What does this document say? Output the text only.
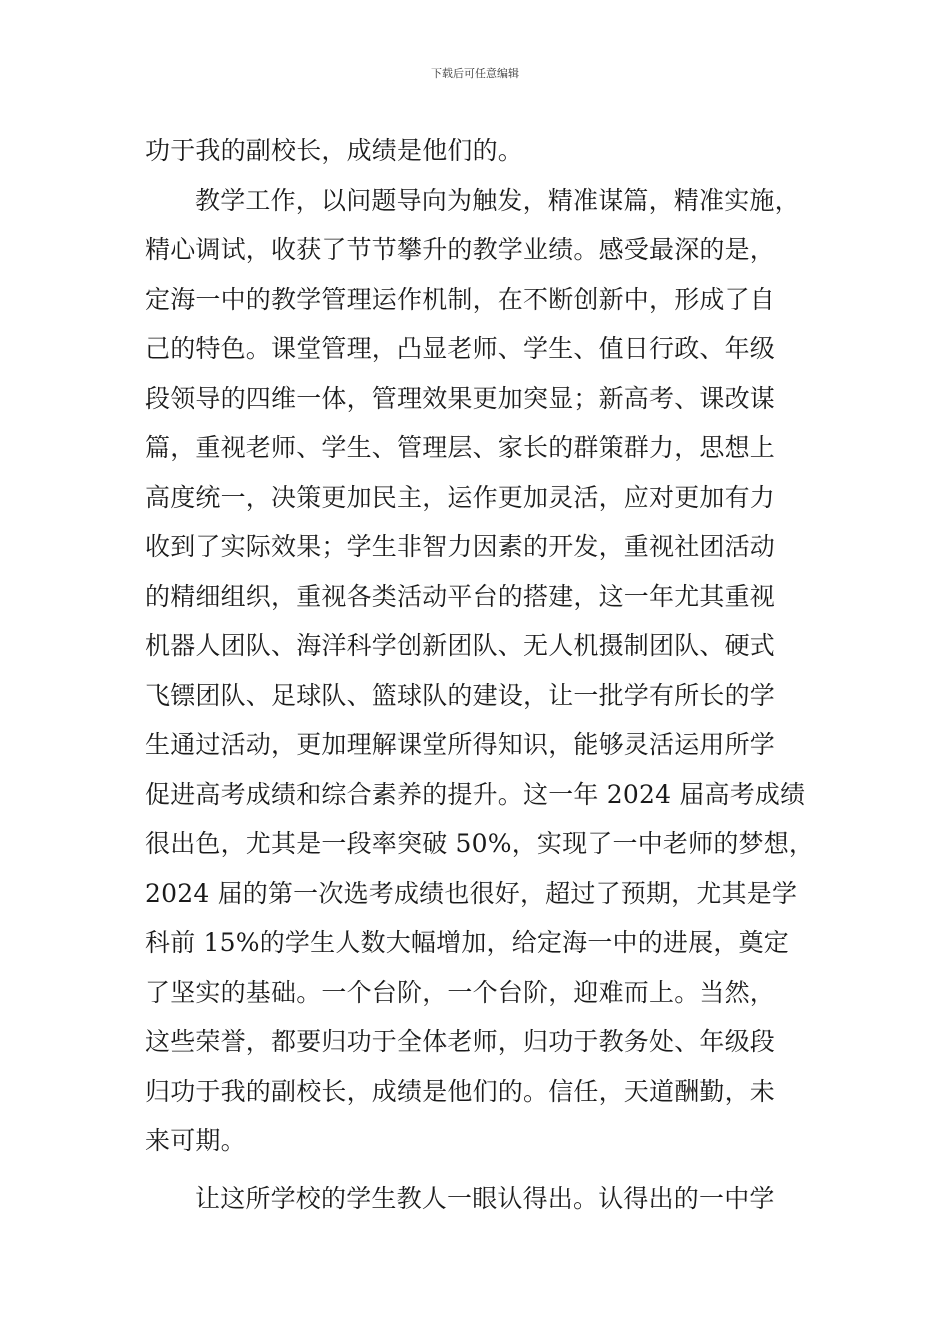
下载后可任意编辑
功于我的副校长，成绩是他们的。
教学工作，以问题导向为触发，精准谋篇，精准实施，
精心调试，收获了节节攀升的教学业绩。感受最深的是，
定海一中的教学管理运作机制，在不断创新中，形成了自
己的特色。课堂管理，凸显老师、学生、值日行政、年级
段领导的四维一体，管理效果更加突显；新高考、课改谋
篇，重视老师、学生、管理层、家长的群策群力，思想上
高度统一，决策更加民主，运作更加灵活，应对更加有力
收到了实际效果；学生非智力因素的开发，重视社团活动
的精细组织，重视各类活动平台的搭建，这一年尤其重视
机器人团队、海洋科学创新团队、无人机摄制团队、硬式
飞镖团队、足球队、篮球队的建设，让一批学有所长的学
生通过活动，更加理解课堂所得知识，能够灵活运用所学
促进高考成绩和综合素养的提升。这一年 2024 届高考成绩
很出色，尤其是一段率突破 50%，实现了一中老师的梦想，
2024 届的第一次选考成绩也很好，超过了预期，尤其是学
科前 15%的学生人数大幅增加，给定海一中的进展，奠定
了坚实的基础。一个台阶，一个台阶，迎难而上。当然，
这些荣誉，都要归功于全体老师，归功于教务处、年级段
归功于我的副校长，成绩是他们的。信任，天道酬勤，未
来可期。
让这所学校的学生教人一眼认得出。认得出的一中学
